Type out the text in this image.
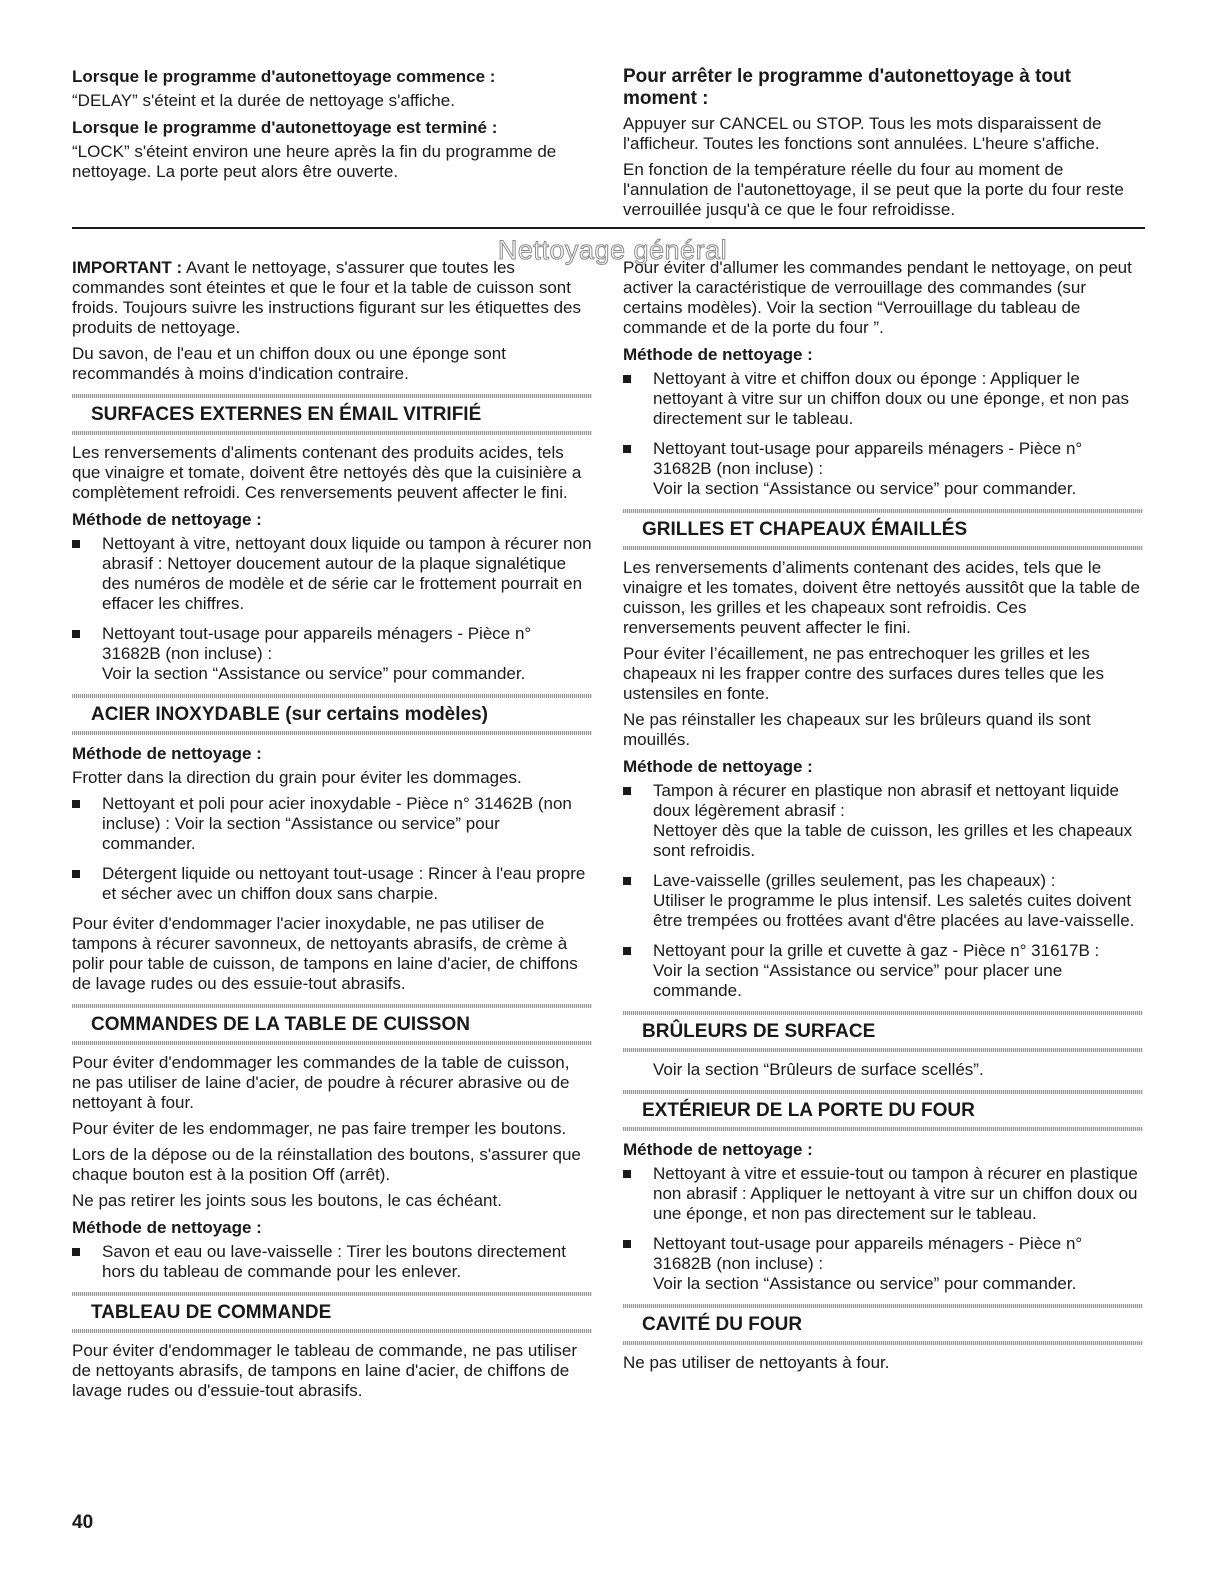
Lorsque le programme d'autonettoyage commence :

“DELAY” s'éteint et la durée de nettoyage s'affiche.

Lorsque le programme d'autonettoyage est terminé :

“LOCK” s'éteint environ une heure après la fin du programme de nettoyage. La porte peut alors être ouverte.

Pour arrêter le programme d'autonettoyage à tout moment :

Appuyer sur CANCEL ou STOP. Tous les mots disparaissent de l'afficheur. Toutes les fonctions sont annulées. L'heure s'affiche.

En fonction de la température réelle du four au moment de l'annulation de l'autonettoyage, il se peut que la porte du four reste verrouillée jusqu'à ce que le four refroidisse.

Nettoyage général

IMPORTANT : Avant le nettoyage, s'assurer que toutes les commandes sont éteintes et que le four et la table de cuisson sont froids. Toujours suivre les instructions figurant sur les étiquettes des produits de nettoyage.

Du savon, de l'eau et un chiffon doux ou une éponge sont recommandés à moins d'indication contraire.

SURFACES EXTERNES EN ÉMAIL VITRIFIÉ

Les renversements d'aliments contenant des produits acides, tels que vinaigre et tomate, doivent être nettoyés dès que la cuisinière a complètement refroidi. Ces renversements peuvent affecter le fini.

Méthode de nettoyage :
Nettoyant à vitre, nettoyant doux liquide ou tampon à récurer non abrasif : Nettoyer doucement autour de la plaque signalétique des numéros de modèle et de série car le frottement pourrait en effacer les chiffres.
Nettoyant tout-usage pour appareils ménagers - Pièce n° 31682B (non incluse) :
Voir la section “Assistance ou service” pour commander.
ACIER INOXYDABLE (sur certains modèles)
Méthode de nettoyage :

Frotter dans la direction du grain pour éviter les dommages.

Nettoyant et poli pour acier inoxydable - Pièce n° 31462B (non incluse) : Voir la section “Assistance ou service” pour commander.
Détergent liquide ou nettoyant tout-usage : Rincer à l'eau propre et sécher avec un chiffon doux sans charpie.

Pour éviter d'endommager l'acier inoxydable, ne pas utiliser de tampons à récurer savonneux, de nettoyants abrasifs, de crème à polir pour table de cuisson, de tampons en laine d'acier, de chiffons de lavage rudes ou des essuie-tout abrasifs.

COMMANDES DE LA TABLE DE CUISSON

Pour éviter d'endommager les commandes de la table de cuisson, ne pas utiliser de laine d'acier, de poudre à récurer abrasive ou de nettoyant à four.

Pour éviter de les endommager, ne pas faire tremper les boutons.

Lors de la dépose ou de la réinstallation des boutons, s'assurer que chaque bouton est à la position Off (arrêt).

Ne pas retirer les joints sous les boutons, le cas échéant.

Méthode de nettoyage :
Savon et eau ou lave-vaisselle : Tirer les boutons directement hors du tableau de commande pour les enlever.
TABLEAU DE COMMANDE

Pour éviter d'endommager le tableau de commande, ne pas utiliser de nettoyants abrasifs, de tampons en laine d'acier, de chiffons de lavage rudes ou d'essuie-tout abrasifs.

Pour éviter d'allumer les commandes pendant le nettoyage, on peut activer la caractéristique de verrouillage des commandes (sur certains modèles). Voir la section “Verrouillage du tableau de commande et de la porte du four ”.

Méthode de nettoyage :
Nettoyant à vitre et chiffon doux ou éponge : Appliquer le nettoyant à vitre sur un chiffon doux ou une éponge, et non pas directement sur le tableau.
Nettoyant tout-usage pour appareils ménagers - Pièce n° 31682B (non incluse) :
Voir la section “Assistance ou service” pour commander.
GRILLES ET CHAPEAUX ÉMAILLÉS

Les renversements d’aliments contenant des acides, tels que le vinaigre et les tomates, doivent être nettoyés aussitôt que la table de cuisson, les grilles et les chapeaux sont refroidis. Ces renversements peuvent affecter le fini.

Pour éviter l’écaillement, ne pas entrechoquer les grilles et les chapeaux ni les frapper contre des surfaces dures telles que les ustensiles en fonte.

Ne pas réinstaller les chapeaux sur les brûleurs quand ils sont mouillés.

Méthode de nettoyage :
Tampon à récurer en plastique non abrasif et nettoyant liquide doux légèrement abrasif :
Nettoyer dès que la table de cuisson, les grilles et les chapeaux sont refroidis.
Lave-vaisselle (grilles seulement, pas les chapeaux) :
Utiliser le programme le plus intensif. Les saletés cuites doivent être trempées ou frottées avant d'être placées au lave-vaisselle.
Nettoyant pour la grille et cuvette à gaz - Pièce n° 31617B :
Voir la section “Assistance ou service” pour placer une commande.
BRÛLEURS DE SURFACE

Voir la section “Brûleurs de surface scellés”.

EXTÉRIEUR DE LA PORTE DU FOUR
Méthode de nettoyage :
Nettoyant à vitre et essuie-tout ou tampon à récurer en plastique non abrasif : Appliquer le nettoyant à vitre sur un chiffon doux ou une éponge, et non pas directement sur le tableau.
Nettoyant tout-usage pour appareils ménagers - Pièce n° 31682B (non incluse) :
Voir la section “Assistance ou service” pour commander.
CAVITÉ DU FOUR

Ne pas utiliser de nettoyants à four.

40
